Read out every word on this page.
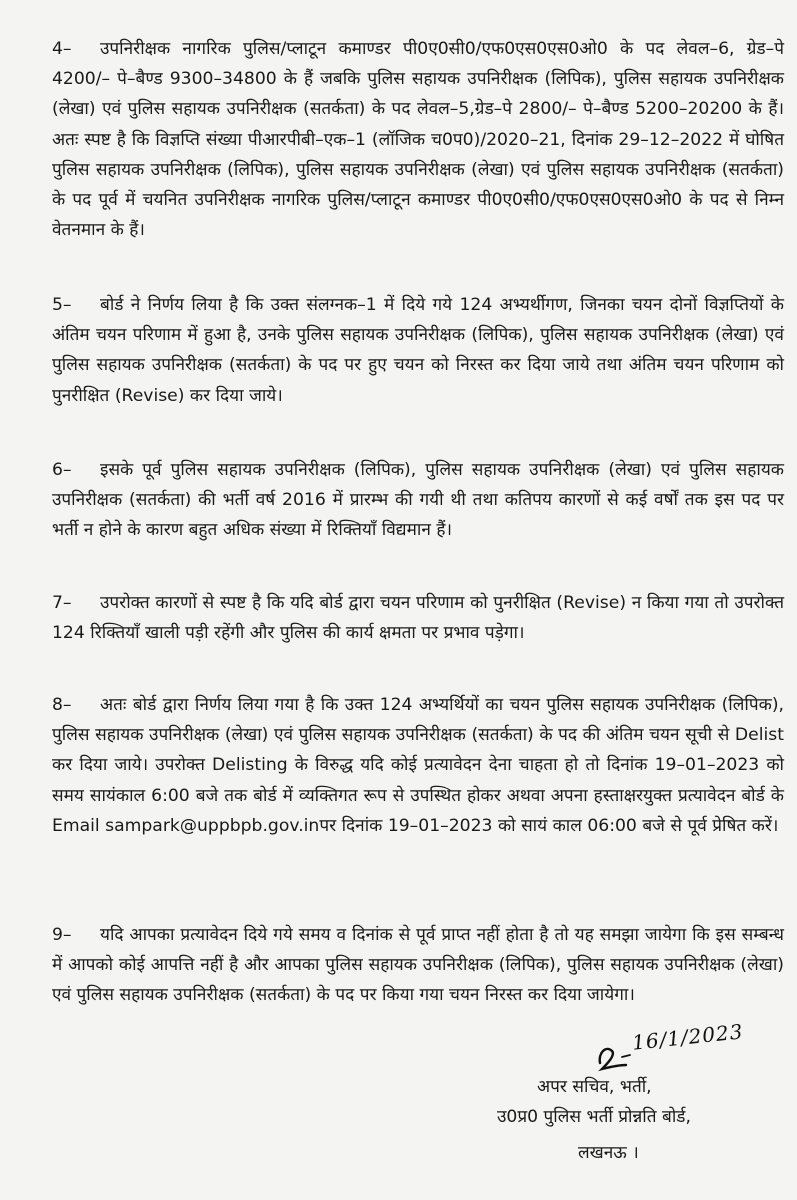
4– उपनिरीक्षक नागरिक पुलिस/प्लाटून कमाण्डर पी0ए0सी0/एफ0एस0एस0ओ0 के पद लेवल–6, ग्रेड–पे 4200/– पे–बैण्ड 9300–34800 के हैं जबकि पुलिस सहायक उपनिरीक्षक (लिपिक), पुलिस सहायक उपनिरीक्षक (लेखा) एवं पुलिस सहायक उपनिरीक्षक (सतर्कता) के पद लेवल–5,ग्रेड–पे 2800/– पे–बैण्ड 5200–20200 के हैं। अतः स्पष्ट है कि विज्ञप्ति संख्या पीआरपीबी–एक–1 (लॉजिक च0प0)/2020–21, दिनांक 29–12–2022 में घोषित पुलिस सहायक उपनिरीक्षक (लिपिक), पुलिस सहायक उपनिरीक्षक (लेखा) एवं पुलिस सहायक उपनिरीक्षक (सतर्कता) के पद पूर्व में चयनित उपनिरीक्षक नागरिक पुलिस/प्लाटून कमाण्डर पी0ए0सी0/एफ0एस0एस0ओ0 के पद से निम्न वेतनमान के हैं।
5– बोर्ड ने निर्णय लिया है कि उक्त संलग्नक–1 में दिये गये 124 अभ्यर्थीगण, जिनका चयन दोनों विज्ञप्तियों के अंतिम चयन परिणाम में हुआ है, उनके पुलिस सहायक उपनिरीक्षक (लिपिक), पुलिस सहायक उपनिरीक्षक (लेखा) एवं पुलिस सहायक उपनिरीक्षक (सतर्कता) के पद पर हुए चयन को निरस्त कर दिया जाये तथा अंतिम चयन परिणाम को पुनरीक्षित (Revise) कर दिया जाये।
6– इसके पूर्व पुलिस सहायक उपनिरीक्षक (लिपिक), पुलिस सहायक उपनिरीक्षक (लेखा) एवं पुलिस सहायक उपनिरीक्षक (सतर्कता) की भर्ती वर्ष 2016 में प्रारम्भ की गयी थी तथा कतिपय कारणों से कई वर्षों तक इस पद पर भर्ती न होने के कारण बहुत अधिक संख्या में रिक्तियॉं विद्यमान हैं।
7– उपरोक्त कारणों से स्पष्ट है कि यदि बोर्ड द्वारा चयन परिणाम को पुनरीक्षित (Revise) न किया गया तो उपरोक्त 124 रिक्तियॉं खाली पड़ी रहेंगी और पुलिस की कार्य क्षमता पर प्रभाव पड़ेगा।
8– अतः बोर्ड द्वारा निर्णय लिया गया है कि उक्त 124 अभ्यर्थियों का चयन पुलिस सहायक उपनिरीक्षक (लिपिक), पुलिस सहायक उपनिरीक्षक (लेखा) एवं पुलिस सहायक उपनिरीक्षक (सतर्कता) के पद की अंतिम चयन सूची से Delist कर दिया जाये। उपरोक्त Delisting के विरुद्ध यदि कोई प्रत्यावेदन देना चाहता हो तो दिनांक 19–01–2023 को समय सायंकाल 6:00 बजे तक बोर्ड में व्यक्तिगत रूप से उपस्थित होकर अथवा अपना हस्ताक्षरयुक्त प्रत्यावेदन बोर्ड के Email sampark@uppbpb.gov.inपर दिनांक 19–01–2023 को सायं काल 06:00 बजे से पूर्व प्रेषित करें।
9– यदि आपका प्रत्यावेदन दिये गये समय व दिनांक से पूर्व प्राप्त नहीं होता है तो यह समझा जायेगा कि इस सम्बन्ध में आपको कोई आपत्ति नहीं है और आपका पुलिस सहायक उपनिरीक्षक (लिपिक), पुलिस सहायक उपनिरीक्षक (लेखा) एवं पुलिस सहायक उपनिरीक्षक (सतर्कता) के पद पर किया गया चयन निरस्त कर दिया जायेगा।
16/1/2023
अपर सचिव, भर्ती,
उ0प्र0 पुलिस भर्ती प्रोन्नति बोर्ड,
लखनऊ ।
